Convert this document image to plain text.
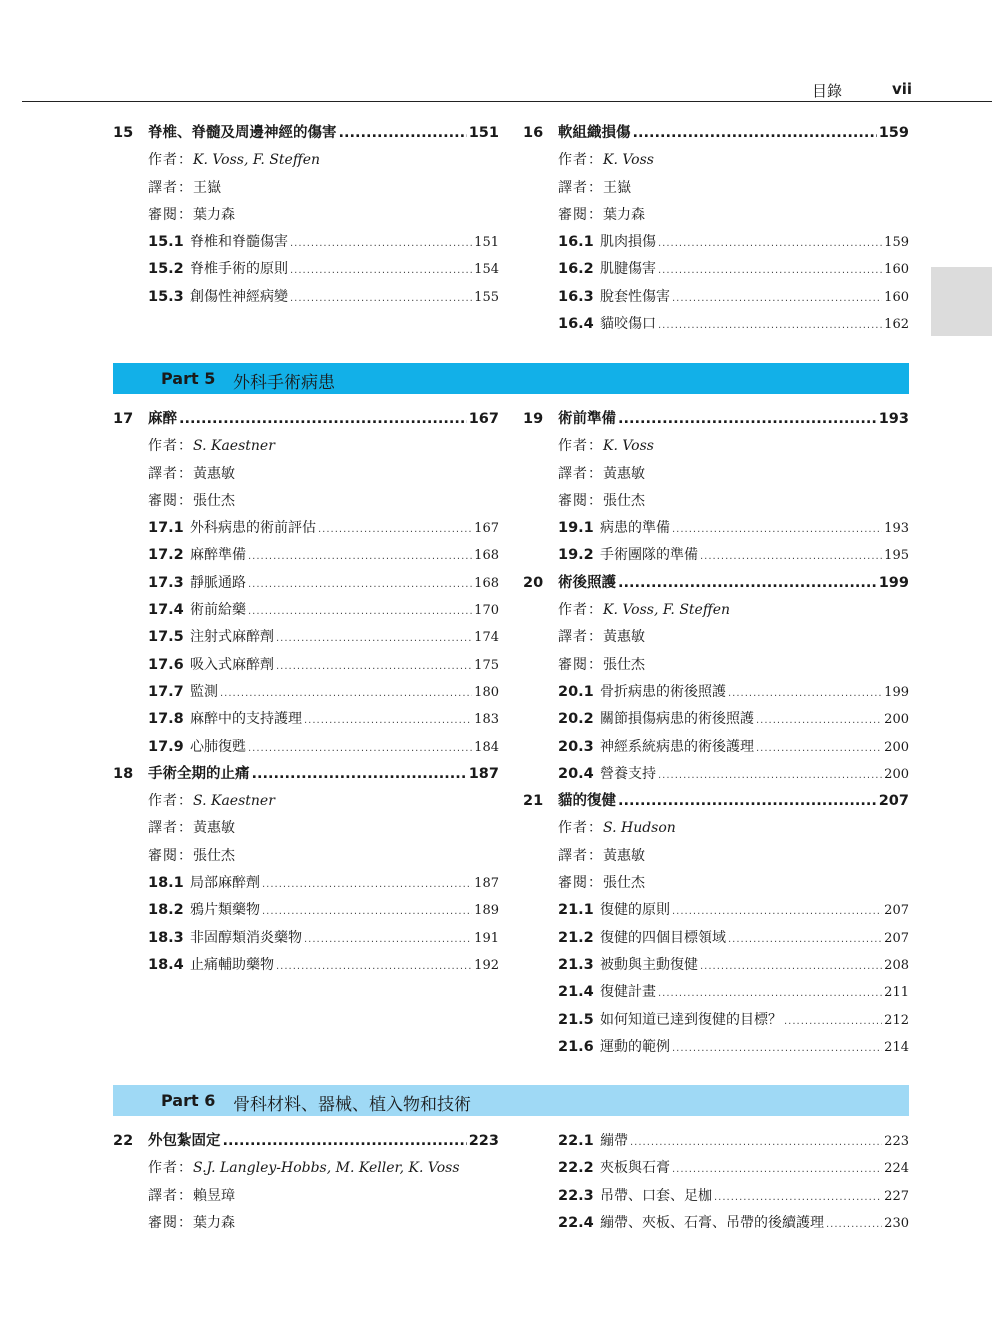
目錄	vii
15	脊椎、脊髓及周邊神經的傷害 .....	151
作者：K. Voss, F. Steffen
譯者：王嶽
審閱：葉力森
15.1 脊椎和脊髓傷害 .....	151
15.2 脊椎手術的原則 .....	154
15.3 創傷性神經病變 .....	155
16	軟組織損傷 .....	159
作者：K. Voss
譯者：王嶽
審閱：葉力森
16.1 肌肉損傷 .....	159
16.2 肌腱傷害 .....	160
16.3 脫套性傷害 .....	160
16.4 貓咬傷口 .....	162
Part 5 外科手術病患
17	麻醉 .....	167
作者：S. Kaestner
譯者：黃惠敏
審閱：張仕杰
17.1 外科病患的術前評估 .....	167
17.2 麻醉準備 .....	168
17.3 靜脈通路 .....	168
17.4 術前給藥 .....	170
17.5 注射式麻醉劑 .....	174
17.6 吸入式麻醉劑 .....	175
17.7 監測 .....	180
17.8 麻醉中的支持護理 .....	183
17.9 心肺復甦 .....	184
18	手術全期的止痛 .....	187
作者：S. Kaestner
譯者：黃惠敏
審閱：張仕杰
18.1 局部麻醉劑 .....	187
18.2 鴉片類藥物 .....	189
18.3 非固醇類消炎藥物 .....	191
18.4 止痛輔助藥物 .....	192
19	術前準備 .....	193
作者：K. Voss
譯者：黃惠敏
審閱：張仕杰
19.1 病患的準備 .....	193
19.2 手術團隊的準備 .....	195
20	術後照護 .....	199
作者：K. Voss, F. Steffen
譯者：黃惠敏
審閱：張仕杰
20.1 骨折病患的術後照護 .....	199
20.2 關節損傷病患的術後照護 .....	200
20.3 神經系統病患的術後護理 .....	200
20.4 營養支持 .....	200
21	貓的復健 .....	207
作者：S. Hudson
譯者：黃惠敏
審閱：張仕杰
21.1 復健的原則 .....	207
21.2 復健的四個目標領域 .....	207
21.3 被動與主動復健 .....	208
21.4 復健計畫 .....	211
21.5 如何知道已達到復健的目標？ .....	212
21.6 運動的範例 .....	214
Part 6 骨科材料、器械、植入物和技術
22	外包紮固定 .....	223
作者：S.J. Langley-Hobbs, M. Keller, K. Voss
譯者：賴昱璋
審閱：葉力森
22.1 繃帶 .....	223
22.2 夾板與石膏 .....	224
22.3 吊帶、口套、足枷 .....	227
22.4 繃帶、夾板、石膏、吊帶的後續護理 .....	230
